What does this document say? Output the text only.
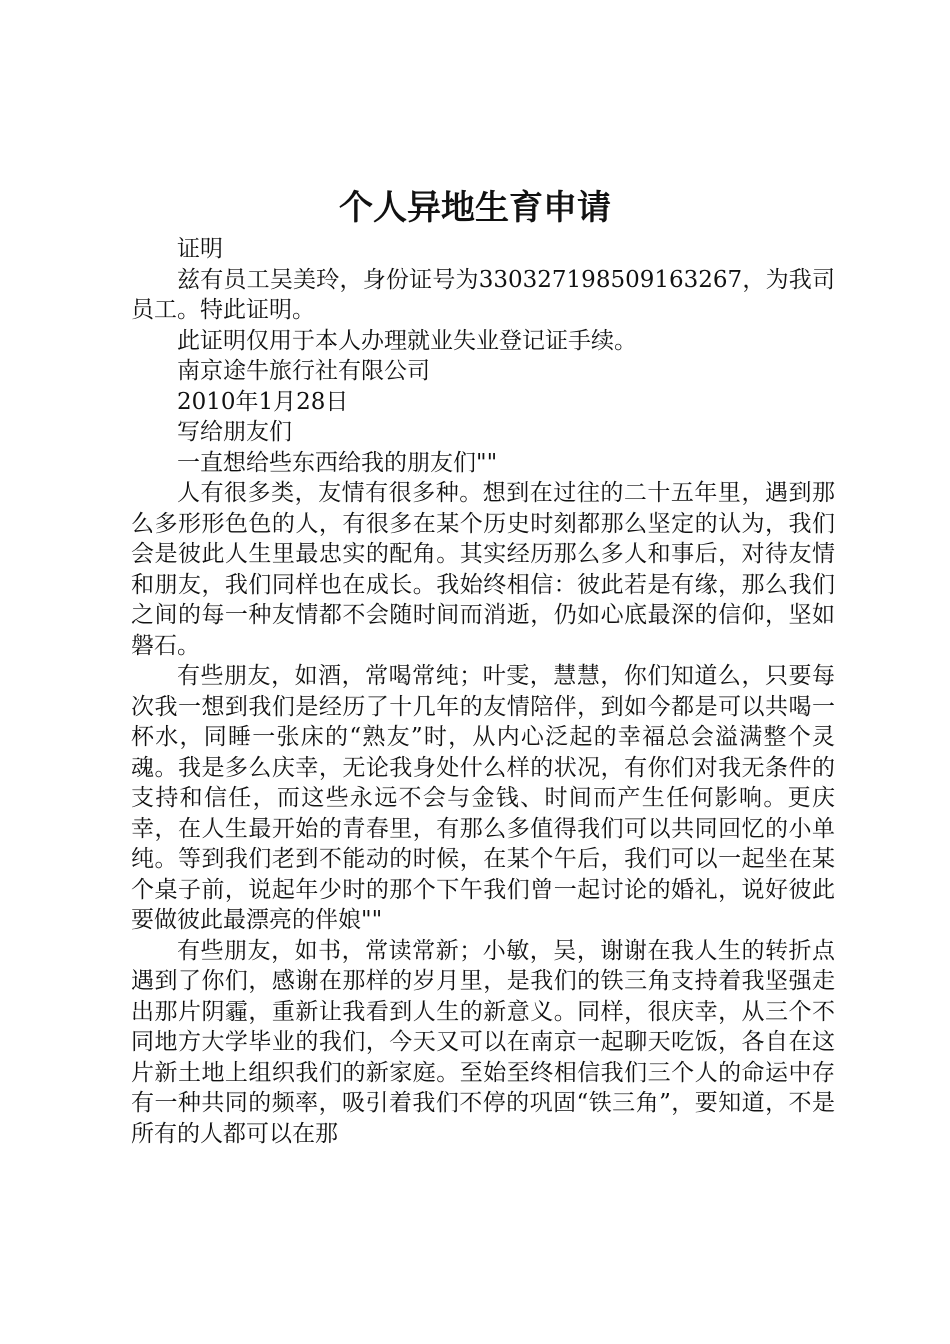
个人异地生育申请

证明

兹有员工吴美玲，身份证号为330327198509163267，为我司员工。特此证明。

此证明仅用于本人办理就业失业登记证手续。

南京途牛旅行社有限公司

2010年1月28日

写给朋友们

一直想给些东西给我的朋友们""

人有很多类，友情有很多种。想到在过往的二十五年里，遇到那么多形形色色的人，有很多在某个历史时刻都那么坚定的认为，我们会是彼此人生里最忠实的配角。其实经历那么多人和事后，对待友情和朋友，我们同样也在成长。我始终相信：彼此若是有缘，那么我们之间的每一种友情都不会随时间而消逝，仍如心底最深的信仰，坚如磐石。

有些朋友，如酒，常喝常纯；叶雯，慧慧，你们知道么，只要每次我一想到我们是经历了十几年的友情陪伴，到如今都是可以共喝一杯水，同睡一张床的“熟友”时，从内心泛起的幸福总会溢满整个灵魂。我是多么庆幸，无论我身处什么样的状况，有你们对我无条件的支持和信任，而这些永远不会与金钱、时间而产生任何影响。更庆幸，在人生最开始的青春里，有那么多值得我们可以共同回忆的小单纯。等到我们老到不能动的时候，在某个午后，我们可以一起坐在某个桌子前，说起年少时的那个下午我们曾一起讨论的婚礼，说好彼此要做彼此最漂亮的伴娘""

有些朋友，如书，常读常新；小敏，吴，谢谢在我人生的转折点遇到了你们，感谢在那样的岁月里，是我们的铁三角支持着我坚强走出那片阴霾，重新让我看到人生的新意义。同样，很庆幸，从三个不同地方大学毕业的我们，今天又可以在南京一起聊天吃饭，各自在这片新土地上组织我们的新家庭。至始至终相信我们三个人的命运中存有一种共同的频率，吸引着我们不停的巩固“铁三角”，要知道，不是所有的人都可以在那
